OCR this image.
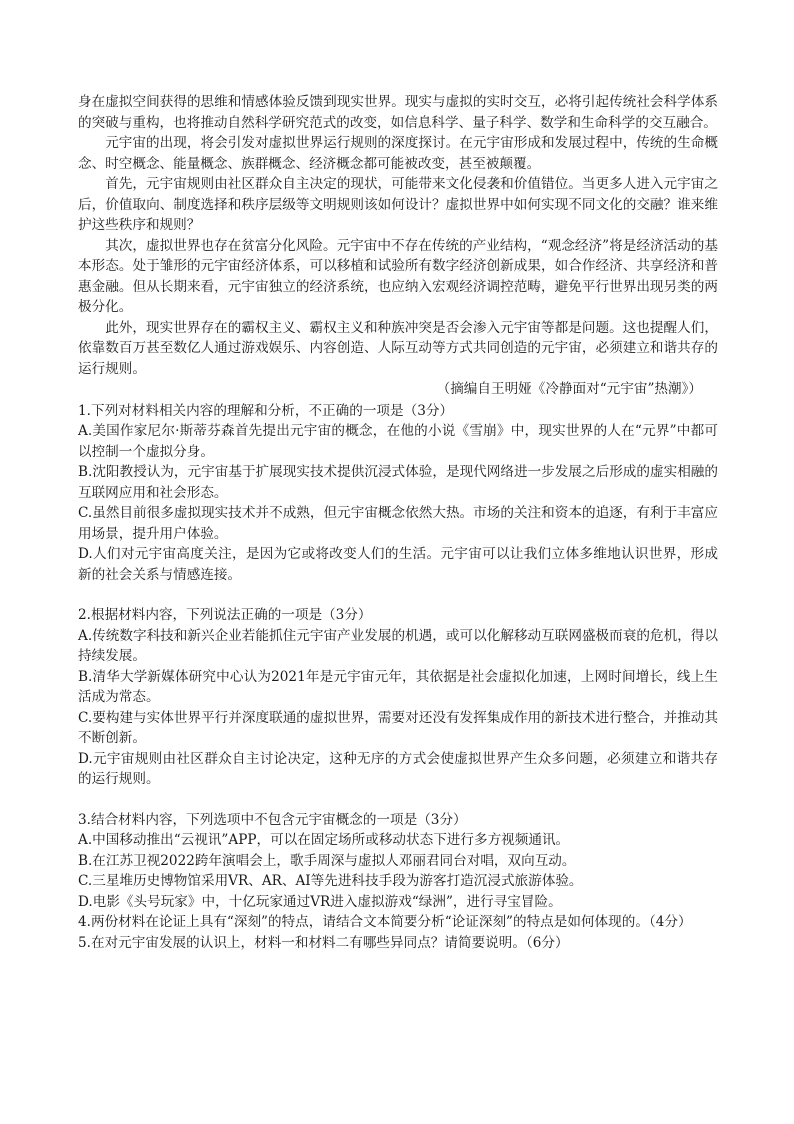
身在虚拟空间获得的思维和情感体验反馈到现实世界。现实与虚拟的实时交互，必将引起传统社会科学体系的突破与重构，也将推动自然科学研究范式的改变，如信息科学、量子科学、数学和生命科学的交互融合。

元宇宙的出现，将会引发对虚拟世界运行规则的深度探讨。在元宇宙形成和发展过程中，传统的生命概念、时空概念、能量概念、族群概念、经济概念都可能被改变，甚至被颠覆。

首先，元宇宙规则由社区群众自主决定的现状，可能带来文化侵袭和价值错位。当更多人进入元宇宙之后，价值取向、制度选择和秩序层级等文明规则该如何设计？虚拟世界中如何实现不同文化的交融？谁来维护这些秩序和规则？

其次，虚拟世界也存在贫富分化风险。元宇宙中不存在传统的产业结构，“观念经济”将是经济活动的基本形态。处于雏形的元宇宙经济体系，可以移植和试验所有数字经济创新成果，如合作经济、共享经济和普惠金融。但从长期来看，元宇宙独立的经济系统，也应纳入宏观经济调控范畴，避免平行世界出现另类的两极分化。

此外，现实世界存在的霸权主义、霸权主义和种族冲突是否会渗入元宇宙等都是问题。这也提醒人们，依靠数百万甚至数亿人通过游戏娱乐、内容创造、人际互动等方式共同创造的元宇宙，必须建立和谐共存的运行规则。

（摘编自王明娅《冷静面对“元宇宙”热潮》）

1.下列对材料相关内容的理解和分析，不正确的一项是（3分）

A.美国作家尼尔·斯蒂芬森首先提出元宇宙的概念，在他的小说《雪崩》中，现实世界的人在“元界”中都可以控制一个虚拟分身。

B.沈阳教授认为，元宇宙基于扩展现实技术提供沉浸式体验，是现代网络进一步发展之后形成的虚实相融的互联网应用和社会形态。

C.虽然目前很多虚拟现实技术并不成熟，但元宇宙概念依然大热。市场的关注和资本的追逐，有利于丰富应用场景，提升用户体验。

D.人们对元宇宙高度关注，是因为它或将改变人们的生活。元宇宙可以让我们立体多维地认识世界，形成新的社会关系与情感连接。

2.根据材料内容，下列说法正确的一项是（3分）

A.传统数字科技和新兴企业若能抓住元宇宙产业发展的机遇，或可以化解移动互联网盛极而衰的危机，得以持续发展。

B.清华大学新媒体研究中心认为2021年是元宇宙元年，其依据是社会虚拟化加速，上网时间增长，线上生活成为常态。

C.要构建与实体世界平行并深度联通的虚拟世界，需要对还没有发挥集成作用的新技术进行整合，并推动其不断创新。

D.元宇宙规则由社区群众自主讨论决定，这种无序的方式会使虚拟世界产生众多问题，必须建立和谐共存的运行规则。

3.结合材料内容，下列选项中不包含元宇宙概念的一项是（3分）

A.中国移动推出“云视讯”APP，可以在固定场所或移动状态下进行多方视频通讯。

B.在江苏卫视2022跨年演唱会上，歌手周深与虚拟人邓丽君同台对唱，双向互动。

C.三星堆历史博物馆采用VR、AR、AI等先进科技手段为游客打造沉浸式旅游体验。

D.电影《头号玩家》中，十亿玩家通过VR进入虚拟游戏“绿洲”，进行寻宝冒险。

4.两份材料在论证上具有“深刻”的特点，请结合文本简要分析“论证深刻”的特点是如何体现的。（4分）

5.在对元宇宙发展的认识上，材料一和材料二有哪些异同点？请简要说明。（6分）
